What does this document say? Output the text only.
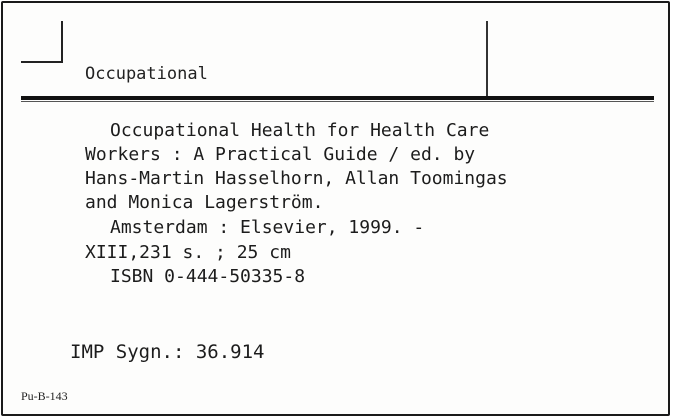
Occupational
Occupational Health for Health Care
Workers : A Practical Guide / ed. by
Hans-Martin Hasselhorn, Allan Toomingas
and Monica Lagerström.
Amsterdam : Elsevier, 1999. -
XIII,231 s. ; 25 cm
ISBN 0-444-50335-8
IMP Sygn.: 36.914
Pu-B-143
